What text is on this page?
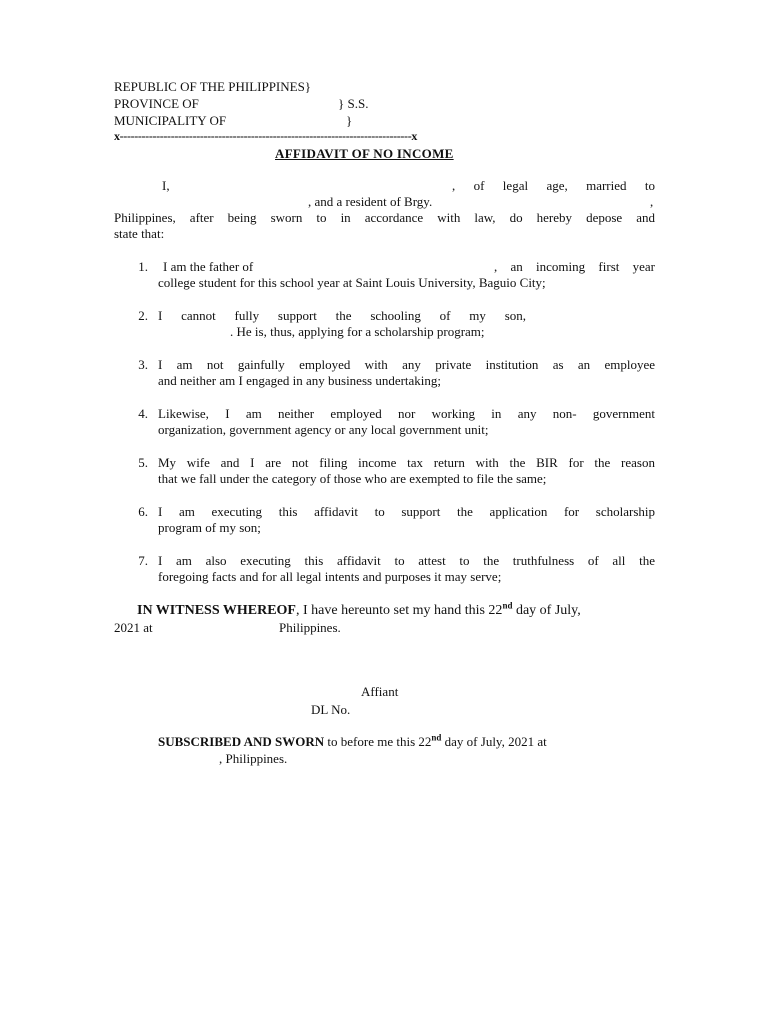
REPUBLIC OF THE PHILIPPINES}
PROVINCE OF	} S.S.
MUNICIPALITY OF	}
x--------------------------------------------------------------------------------x
AFFIDAVIT OF NO INCOME
I,	, of legal age, married to
, and a resident of Brgy.	,
Philippines, after being sworn to in accordance with law, do hereby depose and
state that:
1. I am the father of	, an incoming first year
college student for this school year at Saint Louis University, Baguio City;
2. I cannot fully support the schooling of my son,
. He is, thus, applying for a scholarship program;
3. I am not gainfully employed with any private institution as an employee
and neither am I engaged in any business undertaking;
4. Likewise, I am neither employed nor working in any non- government
organization, government agency or any local government unit;
5. My wife and I are not filing income tax return with the BIR for the reason
that we fall under the category of those who are exempted to file the same;
6. I am executing this affidavit to support the application for scholarship
program of my son;
7. I am also executing this affidavit to attest to the truthfulness of all the
foregoing facts and for all legal intents and purposes it may serve;
IN WITNESS WHEREOF, I have hereunto set my hand this 22nd day of July,
2021 at	Philippines.
Affiant
DL No.
SUBSCRIBED AND SWORN to before me this 22nd day of July, 2021 at
, Philippines.
